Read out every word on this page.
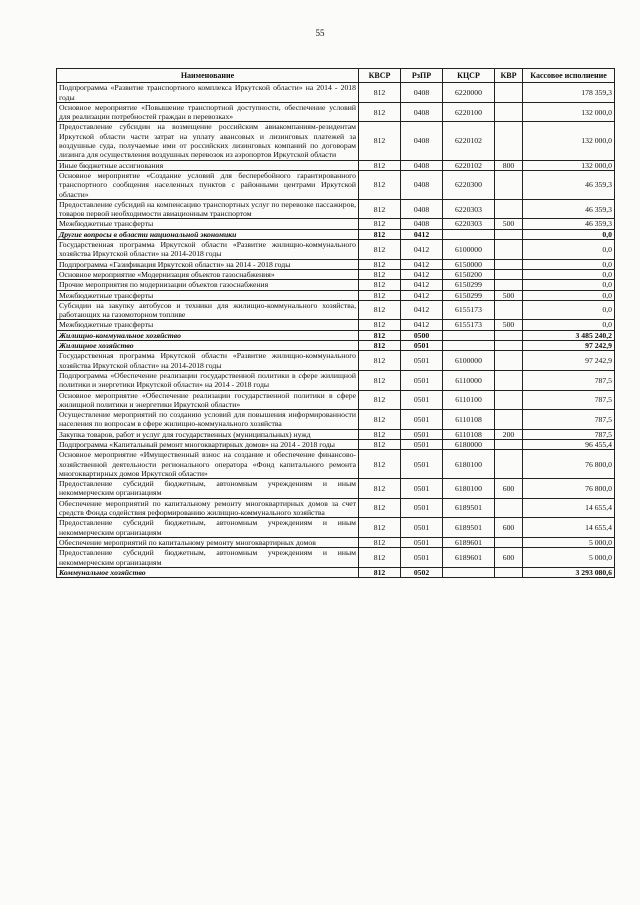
55
Наименование	КВСР	РзПР	КЦСР	КВР	Кассовое исполнение
Подпрограмма «Развитие транспортного комплекса Иркутской области» на 2014 - 2018 годы	812	0408	6220000		178 359,3
Основное мероприятие «Повышение транспортной доступности, обеспечение условий для реализации потребностей граждан в перевозках»	812	0408	6220100		132 000,0
Предоставление субсидии на возмещение российским авиакомпаниям-резидентам Иркутской области части затрат на уплату авансовых и лизинговых платежей за воздушные суда, получаемые ими от российских лизинговых компаний по договорам лизинга для осуществления воздушных перевозок из аэропортов Иркутской области	812	0408	6220102		132 000,0
Иные бюджетные ассигнования	812	0408	6220102	800	132 000,0
Основное мероприятие «Создание условий для бесперебойного гарантированного транспортного сообщения населенных пунктов с районными центрами Иркутской области»	812	0408	6220300		46 359,3
Предоставление субсидий на компенсацию транспортных услуг по перевозке пассажиров, товаров первой необходимости авиационным транспортом	812	0408	6220303		46 359,3
Межбюджетные трансферты	812	0408	6220303	500	46 359,3
Другие вопросы в области национальной экономики	812	0412			0,0
Государственная программа Иркутской области «Развитие жилищно-коммунального хозяйства Иркутской области» на 2014-2018 годы	812	0412	6100000		0,0
Подпрограмма «Газификация Иркутской области» на 2014 - 2018 годы	812	0412	6150000		0,0
Основное мероприятие «Модернизация объектов газоснабжения»	812	0412	6150200		0,0
Прочие мероприятия по модернизации объектов газоснабжения	812	0412	6150299		0,0
Межбюджетные трансферты	812	0412	6150299	500	0,0
Субсидии на закупку автобусов и техники для жилищно-коммунального хозяйства, работающих на газомоторном топливе	812	0412	6155173		0,0
Межбюджетные трансферты	812	0412	6155173	500	0,0
Жилищно-коммунальное хозяйство	812	0500			3 485 240,2
Жилищное хозяйство	812	0501			97 242,9
Государственная программа Иркутской области «Развитие жилищно-коммунального хозяйства Иркутской области» на 2014-2018 годы	812	0501	6100000		97 242,9
Подпрограмма «Обеспечение реализации государственной политики в сфере жилищной политики и энергетики Иркутской области» на 2014 - 2018 годы	812	0501	6110000		787,5
Основное мероприятие «Обеспечение реализации государственной политики в сфере жилищной политики и энергетики Иркутской области»	812	0501	6110100		787,5
Осуществление мероприятий по созданию условий для повышения информированности населения по вопросам в сфере жилищно-коммунального хозяйства	812	0501	6110108		787,5
Закупка товаров, работ и услуг для государственных (муниципальных) нужд	812	0501	6110108	200	787,5
Подпрограмма «Капитальный ремонт многоквартирных домов» на 2014 - 2018 годы	812	0501	6180000		96 455,4
Основное мероприятие «Имущественный взнос на создание и обеспечение финансово-хозяйственной деятельности регионального оператора «Фонд капитального ремонта многоквартирных домов Иркутской области»	812	0501	6180100		76 800,0
Предоставление субсидий бюджетным, автономным учреждениям и иным некоммерческим организациям	812	0501	6180100	600	76 800,0
Обеспечение мероприятий по капитальному ремонту многоквартирных домов за счет средств Фонда содействия реформированию жилищно-коммунального хозяйства	812	0501	6189501		14 655,4
Предоставление субсидий бюджетным, автономным учреждениям и иным некоммерческим организациям	812	0501	6189501	600	14 655,4
Обеспечение мероприятий по капитальному ремонту многоквартирных домов	812	0501	6189601		5 000,0
Предоставление субсидий бюджетным, автономным учреждениям и иным некоммерческим организациям	812	0501	6189601	600	5 000,0
Коммунальное хозяйство	812	0502			3 293 080,6
